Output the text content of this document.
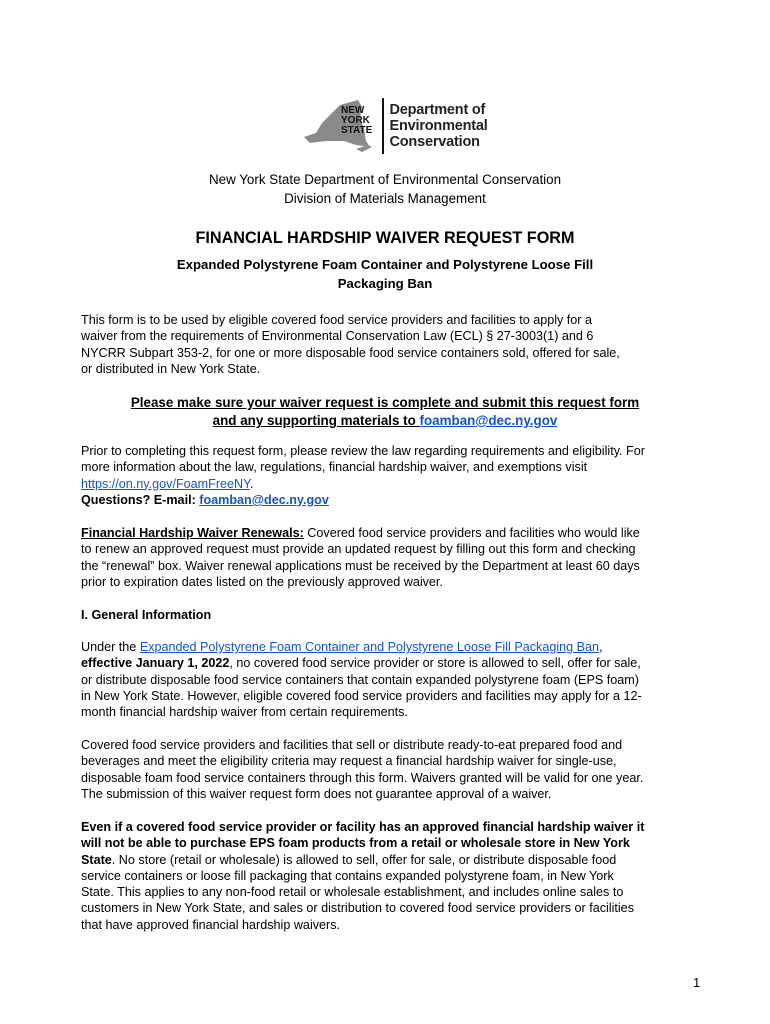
NEW
YORK
STATE
Department of
Environmental
Conservation
New York State Department of Environmental Conservation
Division of Materials Management
FINANCIAL HARDSHIP WAIVER REQUEST FORM
Expanded Polystyrene Foam Container and Polystyrene Loose Fill
Packaging Ban

This form is to be used by eligible covered food service providers and facilities to apply for a

waiver from the requirements of Environmental Conservation Law (ECL) § 27-3003(1) and 6

NYCRR Subpart 353-2, for one or more disposable food service containers sold, offered for sale,

or distributed in New York State.

Please make sure your waiver request is complete and submit this request form
and any supporting materials to foamban@dec.ny.gov

Prior to completing this request form, please review the law regarding requirements and eligibility. For

more information about the law, regulations, financial hardship waiver, and exemptions visit

https://on.ny.gov/FoamFreeNY.

Questions? E-mail: foamban@dec.ny.gov

Financial Hardship Waiver Renewals: Covered food service providers and facilities who would like

to renew an approved request must provide an updated request by filling out this form and checking

the “renewal” box. Waiver renewal applications must be received by the Department at least 60 days

prior to expiration dates listed on the previously approved waiver.

I. General Information

Under the Expanded Polystyrene Foam Container and Polystyrene Loose Fill Packaging Ban,

effective January 1, 2022, no covered food service provider or store is allowed to sell, offer for sale,

or distribute disposable food service containers that contain expanded polystyrene foam (EPS foam)

in New York State. However, eligible covered food service providers and facilities may apply for a 12-

month financial hardship waiver from certain requirements.

Covered food service providers and facilities that sell or distribute ready-to-eat prepared food and

beverages and meet the eligibility criteria may request a financial hardship waiver for single-use,

disposable foam food service containers through this form. Waivers granted will be valid for one year.

The submission of this waiver request form does not guarantee approval of a waiver.

Even if a covered food service provider or facility has an approved financial hardship waiver it

will not be able to purchase EPS foam products from a retail or wholesale store in New York

State. No store (retail or wholesale) is allowed to sell, offer for sale, or distribute disposable food

service containers or loose fill packaging that contains expanded polystyrene foam, in New York

State. This applies to any non-food retail or wholesale establishment, and includes online sales to

customers in New York State, and sales or distribution to covered food service providers or facilities

that have approved financial hardship waivers.

1
